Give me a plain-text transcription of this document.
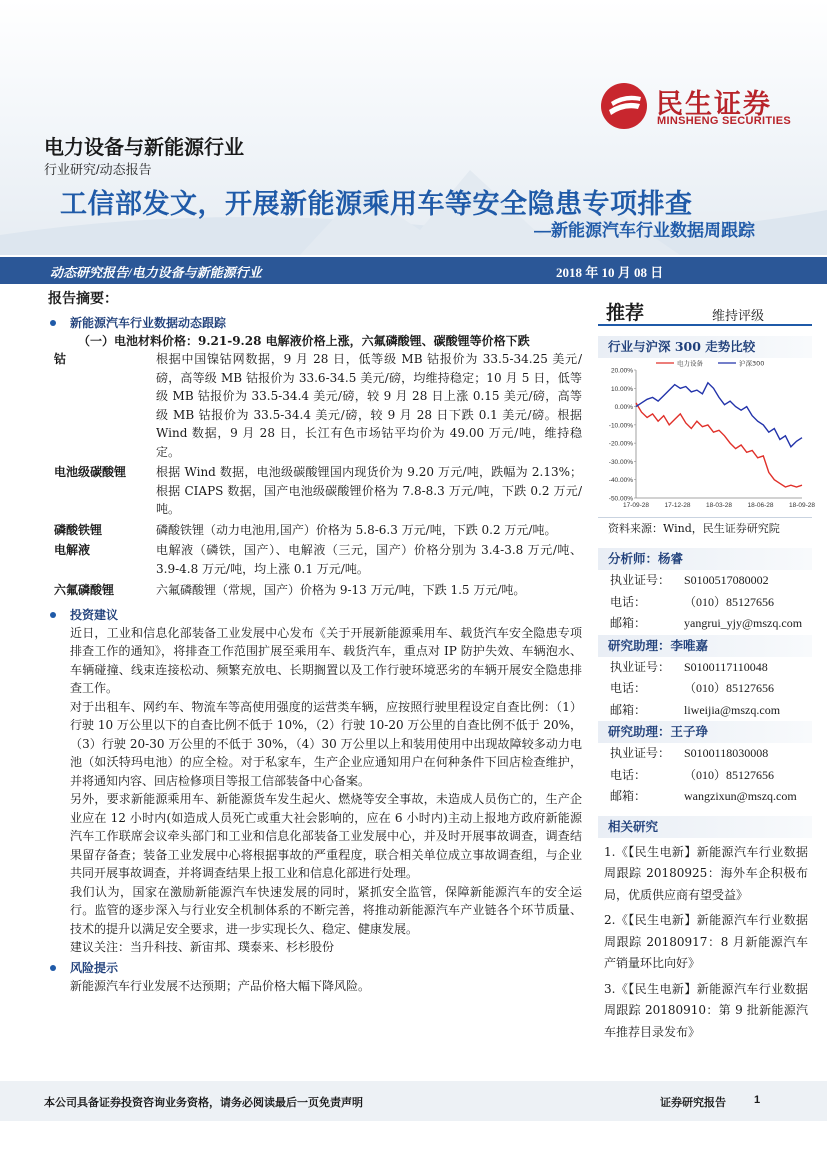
民生证券
MINSHENG SECURITIES
电力设备与新能源行业
行业研究/动态报告
工信部发文，开展新能源乘用车等安全隐患专项排查
—新能源汽车行业数据周跟踪
动态研究报告/电力设备与新能源行业	2018 年 10 月 08 日
报告摘要：
新能源汽车行业数据动态跟踪
（一）电池材料价格：9.21-9.28 电解液价格上涨，六氟磷酸锂、碳酸锂等价格下跌
钴	根据中国镍钴网数据，9 月 28 日，低等级 MB 钴报价为 33.5-34.25 美元/磅，高等级 MB 钴报价为 33.6-34.5 美元/磅，均维持稳定；10 月 5 日，低等级 MB 钴报价为 33.5-34.4 美元/磅，较 9 月 28 日上涨 0.15 美元/磅，高等级 MB 钴报价为 33.5-34.4 美元/磅，较 9 月 28 日下跌 0.1 美元/磅。根据 Wind 数据，9 月 28 日，长江有色市场钴平均价为 49.00 万元/吨，维持稳定。
电池级碳酸锂	根据 Wind 数据，电池级碳酸锂国内现货价为 9.20 万元/吨，跌幅为 2.13%；根据 CIAPS 数据，国产电池级碳酸锂价格为 7.8-8.3 万元/吨，下跌 0.2 万元/吨。
磷酸铁锂	磷酸铁锂（动力电池用,国产）价格为 5.8-6.3 万元/吨，下跌 0.2 万元/吨。
电解液	电解液（磷铁，国产）、电解液（三元，国产）价格分别为 3.4-3.8 万元/吨、3.9-4.8 万元/吨，均上涨 0.1 万元/吨。
六氟磷酸锂	六氟磷酸锂（常规，国产）价格为 9-13 万元/吨，下跌 1.5 万元/吨。
投资建议
近日，工业和信息化部装备工业发展中心发布《关于开展新能源乘用车、载货汽车安全隐患专项排查工作的通知》，将排查工作范围扩展至乘用车、载货汽车，重点对 IP 防护失效、车辆泡水、车辆碰撞、线束连接松动、频繁充放电、长期搁置以及工作行驶环境恶劣的车辆开展安全隐患排查工作。
对于出租车、网约车、物流车等高使用强度的运营类车辆，应按照行驶里程设定自查比例：（1）行驶 10 万公里以下的自查比例不低于 10%，（2）行驶 10-20 万公里的自查比例不低于 20%，（3）行驶 20-30 万公里的不低于 30%，（4）30 万公里以上和装用使用中出现故障较多动力电池（如沃特玛电池）的应全检。对于私家车，生产企业应通知用户在何种条件下回店检查维护，并将通知内容、回店检修项目等报工信部装备中心备案。
另外，要求新能源乘用车、新能源货车发生起火、燃烧等安全事故，未造成人员伤亡的，生产企业应在 12 小时内(如造成人员死亡或重大社会影响的，应在 6 小时内)主动上报地方政府新能源汽车工作联席会议牵头部门和工业和信息化部装备工业发展中心，并及时开展事故调查，调查结果留存备查；装备工业发展中心将根据事故的严重程度，联合相关单位成立事故调查组，与企业共同开展事故调查，并将调查结果上报工业和信息化部进行处理。
我们认为，国家在激励新能源汽车快速发展的同时，紧抓安全监管，保障新能源汽车的安全运行。监管的逐步深入与行业安全机制体系的不断完善，将推动新能源汽车产业链各个环节质量、技术的提升以满足安全要求，进一步实现长久、稳定、健康发展。
建议关注：当升科技、新宙邦、璞泰来、杉杉股份
风险提示
新能源汽车行业发展不达预期；产品价格大幅下降风险。
推荐	维持评级
行业与沪深 300 走势比较
20.00%
10.00%
0.00%
-10.00%
-20.00%
-30.00%
-40.00%
-50.00%
17-09-28 17-12-28 18-03-28 18-06-28 18-09-28
电力设备	沪深300
资料来源：Wind，民生证券研究院
分析师：杨睿
执业证号：	S0100517080002
电话：	（010）85127656
邮箱：	yangrui_yjy@mszq.com
研究助理：李唯嘉
执业证号：	S0100117110048
电话：	（010）85127656
邮箱：	liweijia@mszq.com
研究助理：王子琤
执业证号：	S0100118030008
电话：	（010）85127656
邮箱：	wangzixun@mszq.com
相关研究
1.《【民生电新】新能源汽车行业数据周跟踪 20180925：海外车企积极布局，优质供应商有望受益》
2.《【民生电新】新能源汽车行业数据周跟踪 20180917：8 月新能源汽车产销量环比向好》
3.《【民生电新】新能源汽车行业数据周跟踪 20180910：第 9 批新能源汽车推荐目录发布》
本公司具备证券投资咨询业务资格，请务必阅读最后一页免责声明	证券研究报告	1
